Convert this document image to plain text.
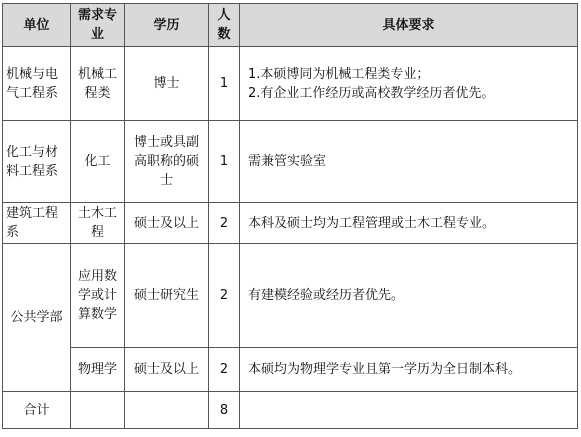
单位	需求专业	学历	人数	具体要求
机械与电气工程系	机械工程类	博士	1	1.本硕博同为机械工程类专业；
2.有企业工作经历或高校教学经历者优先。

化工与材料工程系	化工	博士或具副高职称的硕士	1	需兼管实验室

建筑工程系	土木工程	硕士及以上	2	本科及硕士均为工程管理或土木工程专业。

公共学部	应用数学或计算数学	硕士研究生	2	有建模经验或经历者优先。

	物理学	硕士及以上	2	本硕均为物理学专业且第一学历为全日制本科。

合计			8	
